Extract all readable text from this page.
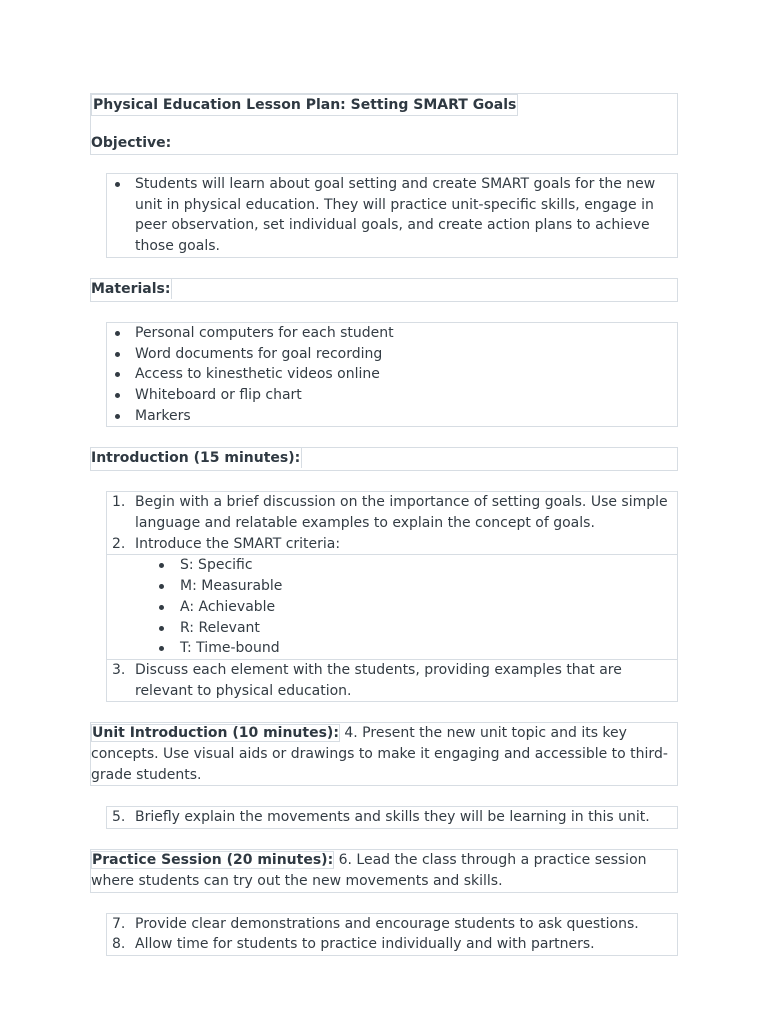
Physical Education Lesson Plan: Setting SMART Goals
Objective:
Students will learn about goal setting and create SMART goals for the new unit in physical education. They will practice unit-specific skills, engage in peer observation, set individual goals, and create action plans to achieve those goals.
Materials:
Personal computers for each student
Word documents for goal recording
Access to kinesthetic videos online
Whiteboard or flip chart
Markers
Introduction (15 minutes):
1. Begin with a brief discussion on the importance of setting goals. Use simple language and relatable examples to explain the concept of goals.
2. Introduce the SMART criteria:
S: Specific
M: Measurable
A: Achievable
R: Relevant
T: Time-bound
3. Discuss each element with the students, providing examples that are relevant to physical education.
Unit Introduction (10 minutes): 4. Present the new unit topic and its key concepts. Use visual aids or drawings to make it engaging and accessible to third-grade students.
5. Briefly explain the movements and skills they will be learning in this unit.
Practice Session (20 minutes): 6. Lead the class through a practice session where students can try out the new movements and skills.
7. Provide clear demonstrations and encourage students to ask questions.
8. Allow time for students to practice individually and with partners.
